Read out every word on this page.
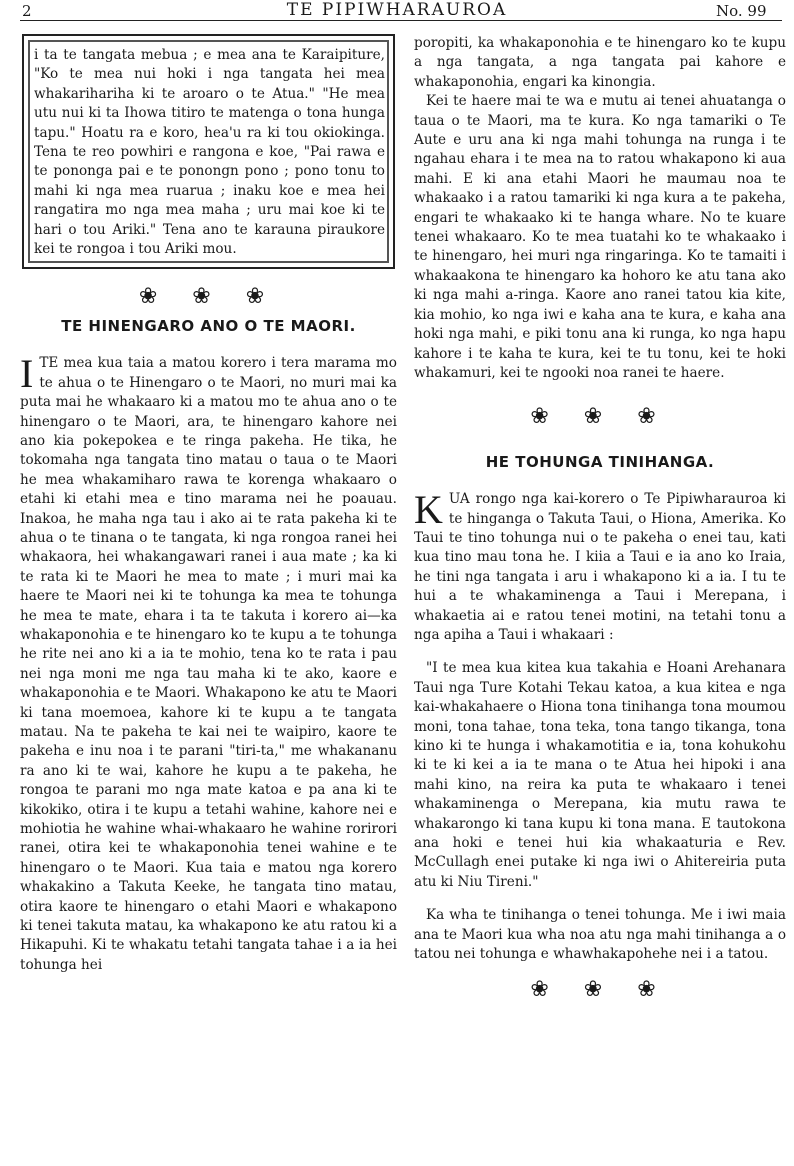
2	TE PIPIWHARAUROA	No. 99

i ta te tangata mebua ; e mea ana te Karaipiture, "Ko te mea nui hoki i nga tangata hei mea whakarihariha ki te aroaro o te Atua." "He mea utu nui ki ta Ihowa titiro te matenga o tona hunga tapu." Hoatu ra e koro, hea'u ra ki tou okiokinga. Tena te reo powhiri e rangona e koe, "Pai rawa e te pononga pai e te ponongn pono ; pono tonu to mahi ki nga mea ruarua ; inaku koe e mea hei rangatira mo nga mea maha ; uru mai koe ki te hari o tou Ariki." Tena ano te karauna piraukore kei te rongoa i tou Ariki mou.

❀ ❀ ❀
TE HINENGARO ANO O TE MAORI.

ITE mea kua taia a matou korero i tera marama mo te ahua o te Hinengaro o te Maori, no muri mai ka puta mai he whakaaro ki a matou mo te ahua ano o te hinengaro o te Maori, ara, te hinengaro kahore nei ano kia pokepokea e te ringa pakeha. He tika, he tokomaha nga tangata tino matau o taua o te Maori he mea whakamiharo rawa te korenga whakaaro o etahi ki etahi mea e tino marama nei he poauau. Inakoa, he maha nga tau i ako ai te rata pakeha ki te ahua o te tinana o te tangata, ki nga rongoa ranei hei whakaora, hei whakangawari ranei i aua mate ; ka ki te rata ki te Maori he mea to mate ; i muri mai ka haere te Maori nei ki te tohunga ka mea te tohunga he mea te mate, ehara i ta te takuta i korero ai—ka whakaponohia e te hinengaro ko te kupu a te tohunga he rite nei ano ki a ia te mohio, tena ko te rata i pau nei nga moni me nga tau maha ki te ako, kaore e whakaponohia e te Maori. Whakapono ke atu te Maori ki tana moemoea, kahore ki te kupu a te tangata matau. Na te pakeha te kai nei te waipiro, kaore te pakeha e inu noa i te parani "tiri-ta," me whakananu ra ano ki te wai, kahore he kupu a te pakeha, he rongoa te parani mo nga mate katoa e pa ana ki te kikokiko, otira i te kupu a tetahi wahine, kahore nei e mohiotia he wahine whai-whakaaro he wahine rorirori ranei, otira kei te whakaponohia tenei wahine e te hinengaro o te Maori. Kua taia e matou nga korero whakakino a Takuta Keeke, he tangata tino matau, otira kaore te hinengaro o etahi Maori e whakapono ki tenei takuta matau, ka whakapono ke atu ratou ki a Hikapuhi. Ki te whakatu tetahi tangata tahae i a ia hei tohunga hei

poropiti, ka whakaponohia e te hinengaro ko te kupu a nga tangata, a nga tangata pai kahore e whakaponohia, engari ka kinongia.

Kei te haere mai te wa e mutu ai tenei ahuatanga o taua o te Maori, ma te kura. Ko nga tamariki o Te Aute e uru ana ki nga mahi tohunga na runga i te ngahau ehara i te mea na to ratou whakapono ki aua mahi. E ki ana etahi Maori he maumau noa te whakaako i a ratou tamariki ki nga kura a te pakeha, engari te whakaako ki te hanga whare. No te kuare tenei whakaaro. Ko te mea tuatahi ko te whakaako i te hinengaro, hei muri nga ringaringa. Ko te tamaiti i whakaakona te hinengaro ka hohoro ke atu tana ako ki nga mahi a-ringa. Kaore ano ranei tatou kia kite, kia mohio, ko nga iwi e kaha ana te kura, e kaha ana hoki nga mahi, e piki tonu ana ki runga, ko nga hapu kahore i te kaha te kura, kei te tu tonu, kei te hoki whakamuri, kei te ngooki noa ranei te haere.

❀ ❀ ❀
HE TOHUNGA TINIHANGA.

KUA rongo nga kai-korero o Te Pipiwharauroa ki te hinganga o Takuta Taui, o Hiona, Amerika. Ko Taui te tino tohunga nui o te pakeha o enei tau, kati kua tino mau tona he. I kiia a Taui e ia ano ko Iraia, he tini nga tangata i aru i whakapono ki a ia. I tu te hui a te whakaminenga a Taui i Merepana, i whakaetia ai e ratou tenei motini, na tetahi tonu a nga apiha a Taui i whakaari :

"I te mea kua kitea kua takahia e Hoani Arehanara Taui nga Ture Kotahi Tekau katoa, a kua kitea e nga kai-whakahaere o Hiona tona tinihanga tona moumou moni, tona tahae, tona teka, tona tango tikanga, tona kino ki te hunga i whakamotitia e ia, tona kohukohu ki te ki kei a ia te mana o te Atua hei hipoki i ana mahi kino, na reira ka puta te whakaaro i tenei whakaminenga o Merepana, kia mutu rawa te whakarongo ki tana kupu ki tona mana. E tautokona ana hoki e tenei hui kia whakaaturia e Rev. McCullagh enei putake ki nga iwi o Ahitereiria puta atu ki Niu Tireni."

Ka wha te tinihanga o tenei tohunga. Me i iwi maia ana te Maori kua wha noa atu nga mahi tinihanga a o tatou nei tohunga e whawhakapohehe nei i a tatou.

❀ ❀ ❀
